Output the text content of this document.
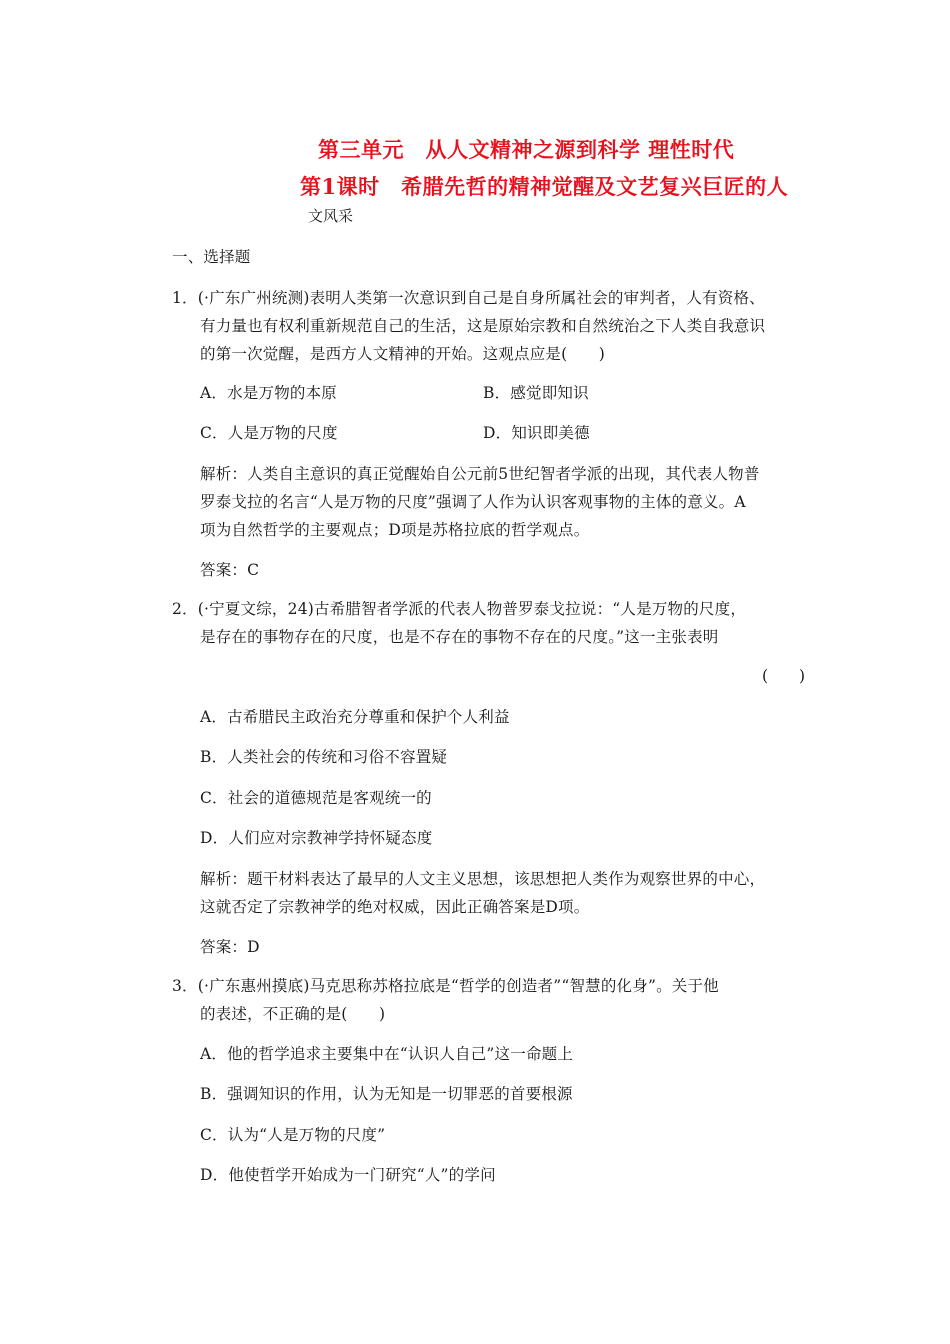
第三单元　从人文精神之源到科学 理性时代
第1课时　希腊先哲的精神觉醒及文艺复兴巨匠的人
文风采
一、选择题
1．(·广东广州统测)表明人类第一次意识到自己是自身所属社会的审判者，人有资格、
有力量也有权利重新规范自己的生活，这是原始宗教和自然统治之下人类自我意识
的第一次觉醒，是西方人文精神的开始。这观点应是(　　)
A．水是万物的本原	B．感觉即知识
C．人是万物的尺度	D．知识即美德
解析：人类自主意识的真正觉醒始自公元前5世纪智者学派的出现，其代表人物普
罗泰戈拉的名言“人是万物的尺度”强调了人作为认识客观事物的主体的意义。A
项为自然哲学的主要观点；D项是苏格拉底的哲学观点。
答案：C
2．(·宁夏文综，24)古希腊智者学派的代表人物普罗泰戈拉说：“人是万物的尺度，
是存在的事物存在的尺度，也是不存在的事物不存在的尺度。”这一主张表明
(　　)
A．古希腊民主政治充分尊重和保护个人利益
B．人类社会的传统和习俗不容置疑
C．社会的道德规范是客观统一的
D．人们应对宗教神学持怀疑态度
解析：题干材料表达了最早的人文主义思想，该思想把人类作为观察世界的中心，
这就否定了宗教神学的绝对权威，因此正确答案是D项。
答案：D
3．(·广东惠州摸底)马克思称苏格拉底是“哲学的创造者”“智慧的化身”。关于他
的表述，不正确的是(　　)
A．他的哲学追求主要集中在“认识人自己”这一命题上
B．强调知识的作用，认为无知是一切罪恶的首要根源
C．认为“人是万物的尺度”
D．他使哲学开始成为一门研究“人”的学问
